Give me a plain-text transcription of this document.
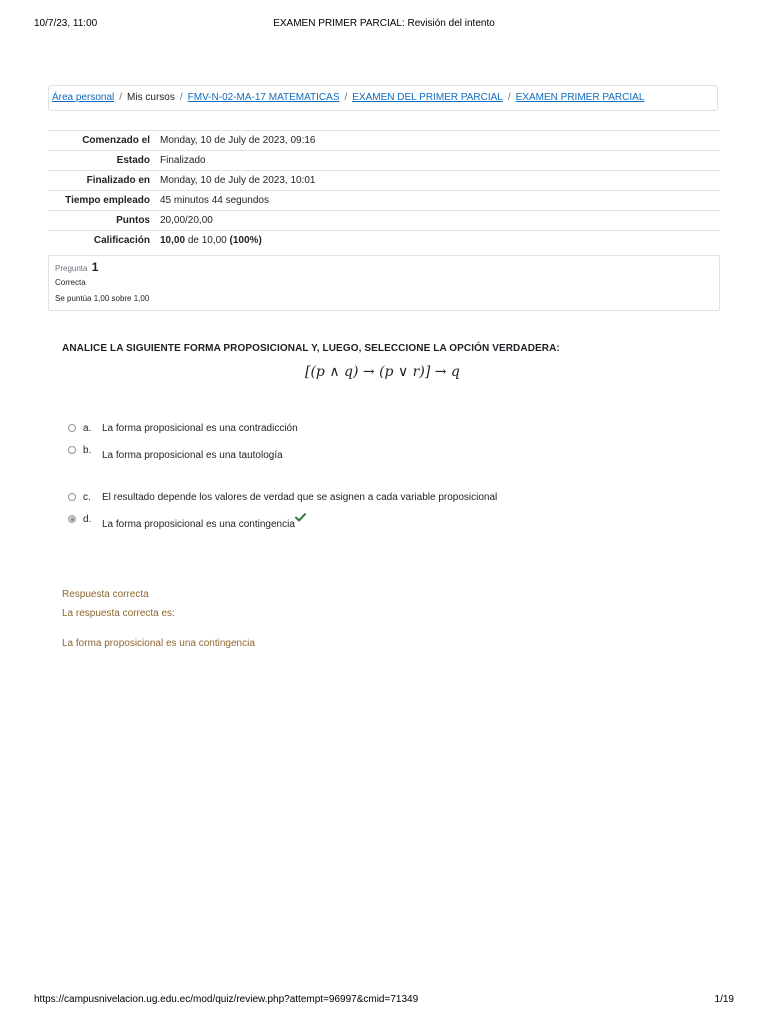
10/7/23, 11:00	EXAMEN PRIMER PARCIAL: Revisión del intento
Área personal / Mis cursos / FMV-N-02-MA-17 MATEMATICAS / EXAMEN DEL PRIMER PARCIAL / EXAMEN PRIMER PARCIAL
Comenzado el	Monday, 10 de July de 2023, 09:16
Estado	Finalizado
Finalizado en	Monday, 10 de July de 2023, 10:01
Tiempo empleado	45 minutos 44 segundos
Puntos	20,00/20,00
Calificación	10,00 de 10,00 (100%)
Pregunta 1
Correcta
Se puntúa 1,00 sobre 1,00
ANALICE LA SIGUIENTE FORMA PROPOSICIONAL Y, LUEGO, SELECCIONE LA OPCIÓN VERDADERA:
[(p ∧ q) → (p ∨ r)] → q
a. La forma proposicional es una contradicción
b. La forma proposicional es una tautología
c. El resultado depende los valores de verdad que se asignen a cada variable proposicional
d. La forma proposicional es una contingencia
Respuesta correcta
La respuesta correcta es:
La forma proposicional es una contingencia
https://campusnivelacion.ug.edu.ec/mod/quiz/review.php?attempt=96997&cmid=71349	1/19
